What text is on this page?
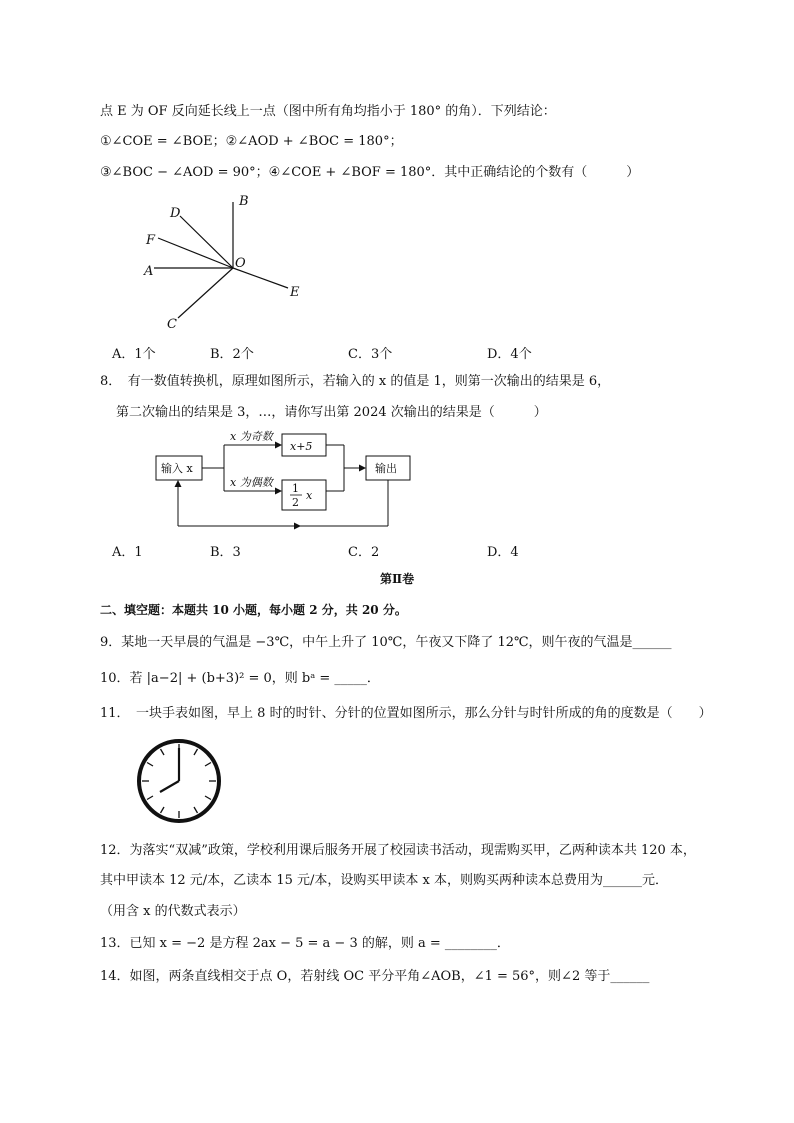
点 E 为 OF 反向延长线上一点（图中所有角均指小于 180° 的角）．下列结论：
①∠COE = ∠BOE；②∠AOD + ∠BOC = 180°；
③∠BOC − ∠AOD = 90°；④∠COE + ∠BOF = 180°．其中正确结论的个数有（　　　）
B
D
F
A
O
E
C
A．1个	B．2个	C．3个	D．4个
8．　有一数值转换机，原理如图所示，若输入的 x 的值是 1，则第一次输出的结果是 6，
第二次输出的结果是 3，…，请你写出第 2024 次输出的结果是（　　　）
输入 x
x 为奇数
x 为偶数
x+5
1
2
x
输出
A．1	B．3	C．2	D．4
第Ⅱ卷
二、填空题：本题共 10 小题，每小题 2 分，共 20 分。
9．某地一天早晨的气温是 −3℃，中午上升了 10℃，午夜又下降了 12℃，则午夜的气温是______
10．若 |a−2| + (b+3)² = 0，则 bᵃ = _____．
11．　一块手表如图，早上 8 时的时针、分针的位置如图所示，那么分针与时针所成的角的度数是（　　）
12．为落实“双减”政策，学校利用课后服务开展了校园读书活动，现需购买甲，乙两种读本共 120 本，
其中甲读本 12 元/本，乙读本 15 元/本，设购买甲读本 x 本，则购买两种读本总费用为______元．
（用含 x 的代数式表示）
13．已知 x = −2 是方程 2ax − 5 = a − 3 的解，则 a = ________．
14．如图，两条直线相交于点 O，若射线 OC 平分平角∠AOB，∠1 = 56°，则∠2 等于______
